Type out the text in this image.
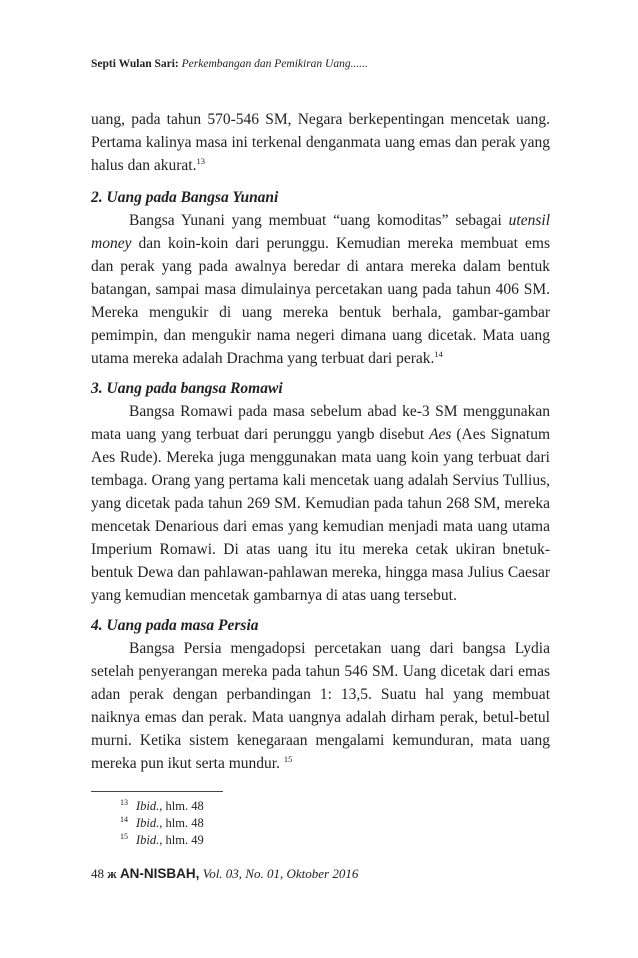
Septi Wulan Sari: Perkembangan dan Pemikiran Uang......

uang, pada tahun 570-546 SM, Negara berkepentingan mencetak uang. Pertama kalinya masa ini terkenal denganmata uang emas dan perak yang halus dan akurat.$^{13}$

2. Uang pada Bangsa Yunani

Bangsa Yunani yang membuat “uang komoditas” sebagai utensil money dan koin-koin dari perunggu. Kemudian mereka membuat ems dan perak yang pada awalnya beredar di antara mereka dalam bentuk batangan, sampai masa dimulainya percetakan uang pada tahun 406 SM. Mereka mengukir di uang mereka bentuk berhala, gambar-gambar pemimpin, dan mengukir nama negeri dimana uang dicetak. Mata uang utama mereka adalah Drachma yang terbuat dari perak.$^{14}$

3. Uang pada bangsa Romawi

Bangsa Romawi pada masa sebelum abad ke-3 SM menggunakan mata uang yang terbuat dari perunggu yangb disebut Aes (Aes Signatum Aes Rude). Mereka juga menggunakan mata uang koin yang terbuat dari tembaga. Orang yang pertama kali mencetak uang adalah Servius Tullius, yang dicetak pada tahun 269 SM. Kemudian pada tahun 268 SM, mereka mencetak Denarious dari emas yang kemudian menjadi mata uang utama Imperium Romawi. Di atas uang itu itu mereka cetak ukiran bnetuk-bentuk Dewa dan pahlawan-pahlawan mereka, hingga masa Julius Caesar yang kemudian mencetak gambarnya di atas uang tersebut.

4. Uang pada masa Persia

Bangsa Persia mengadopsi percetakan uang dari bangsa Lydia setelah penyerangan mereka pada tahun 546 SM. Uang dicetak dari emas adan perak dengan perbandingan 1: 13,5. Suatu hal yang membuat naiknya emas dan perak. Mata uangnya adalah dirham perak, betul-betul murni. Ketika sistem kenegaraan mengalami kemunduran, mata uang mereka pun ikut serta mundur. $^{15}$

$^{13}$ Ibid., hlm. 48
$^{14}$ Ibid., hlm. 48
$^{15}$ Ibid., hlm. 49
48 ж AN-NISBAH, Vol. 03, No. 01, Oktober 2016
